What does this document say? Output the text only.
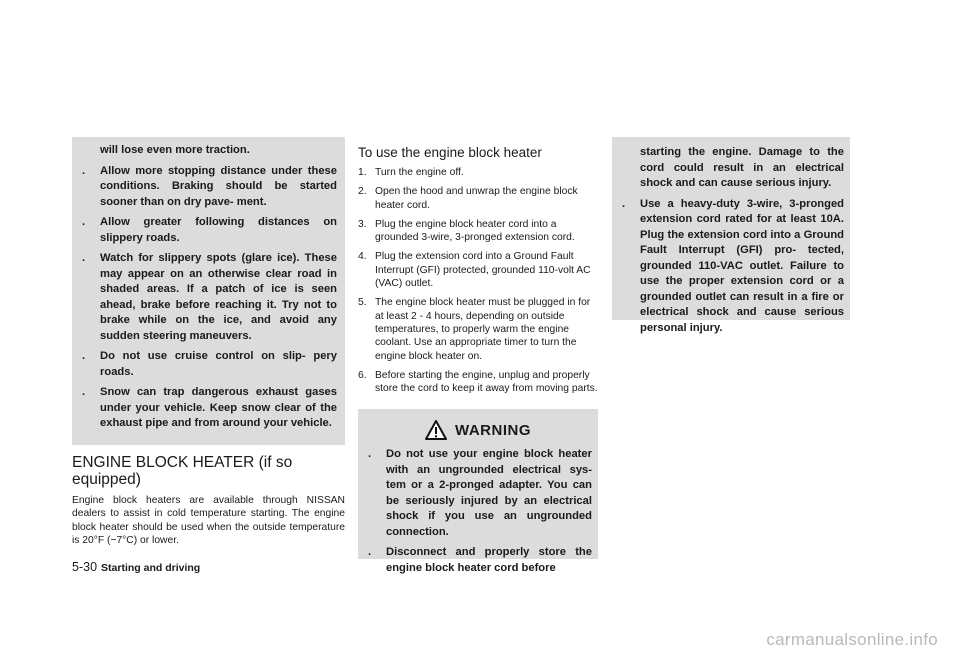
will lose even more traction.
. Allow more stopping distance under these conditions. Braking should be started sooner than on dry pave- ment.
. Allow greater following distances on slippery roads.
. Watch for slippery spots (glare ice). These may appear on an otherwise clear road in shaded areas. If a patch of ice is seen ahead, brake before reaching it. Try not to brake while on the ice, and avoid any sudden steering maneuvers.
. Do not use cruise control on slip- pery roads.
. Snow can trap dangerous exhaust gases under your vehicle. Keep snow clear of the exhaust pipe and from around your vehicle.
ENGINE BLOCK HEATER (if so equipped)

Engine block heaters are available through NISSAN dealers to assist in cold temperature starting. The engine block heater should be used when the outside temperature is 20°F (−7°C) or lower.

To use the engine block heater
1. Turn the engine off.
2. Open the hood and unwrap the engine block heater cord.
3. Plug the engine block heater cord into a grounded 3-wire, 3-pronged extension cord.
4. Plug the extension cord into a Ground Fault Interrupt (GFI) protected, grounded 110-volt AC (VAC) outlet.
5. The engine block heater must be plugged in for at least 2 - 4 hours, depending on outside temperatures, to properly warm the engine coolant. Use an appropriate timer to turn the engine block heater on.
6. Before starting the engine, unplug and properly store the cord to keep it away from moving parts.
WARNING
. Do not use your engine block heater with an ungrounded electrical sys- tem or a 2-pronged adapter. You can be seriously injured by an electrical shock if you use an ungrounded connection.
. Disconnect and properly store the engine block heater cord before
starting the engine. Damage to the cord could result in an electrical shock and can cause serious injury.
. Use a heavy-duty 3-wire, 3-pronged extension cord rated for at least 10A. Plug the extension cord into a Ground Fault Interrupt (GFI) pro- tected, grounded 110-VAC outlet. Failure to use the proper extension cord or a grounded outlet can result in a fire or electrical shock and cause serious personal injury.
5-30 Starting and driving
carmanualsonline.info
